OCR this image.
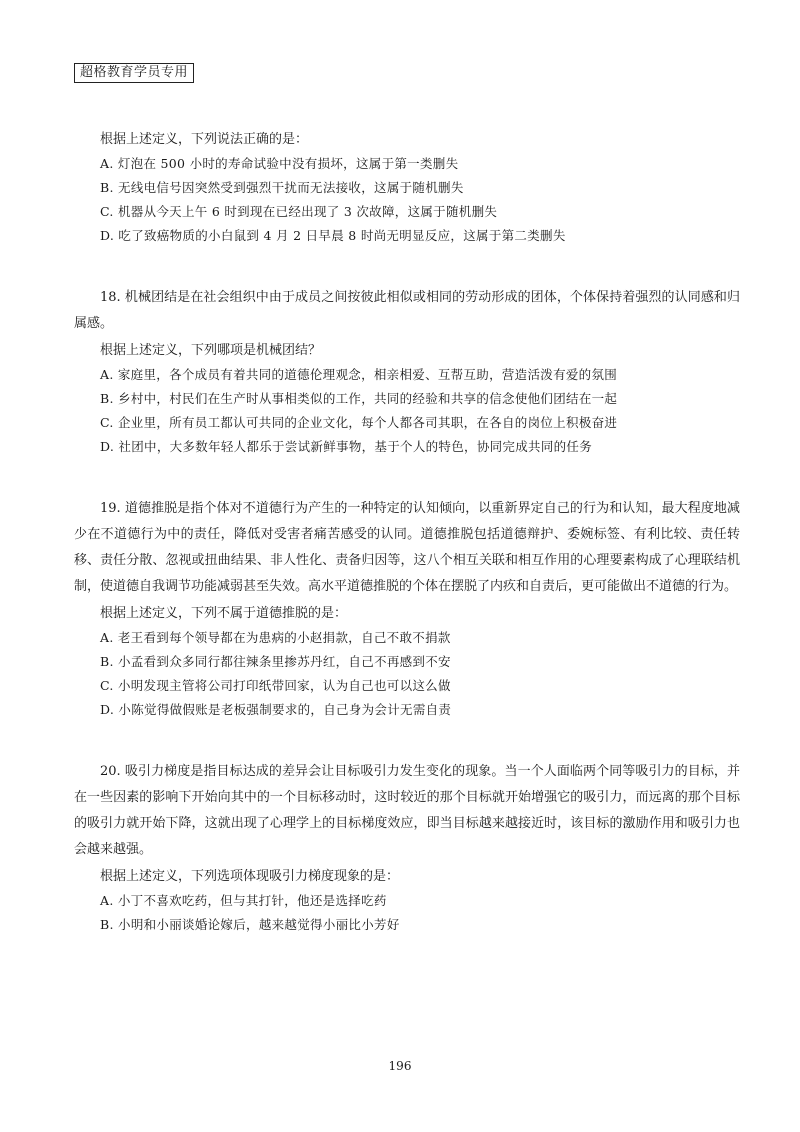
超格教育学员专用
根据上述定义，下列说法正确的是：
A. 灯泡在 500 小时的寿命试验中没有损坏，这属于第一类删失
B. 无线电信号因突然受到强烈干扰而无法接收，这属于随机删失
C. 机器从今天上午 6 时到现在已经出现了 3 次故障，这属于随机删失
D. 吃了致癌物质的小白鼠到 4 月 2 日早晨 8 时尚无明显反应，这属于第二类删失
18. 机械团结是在社会组织中由于成员之间按彼此相似或相同的劳动形成的团体，个体保持着强烈的认同感和归属感。
根据上述定义，下列哪项是机械团结？
A. 家庭里，各个成员有着共同的道德伦理观念，相亲相爱、互帮互助，营造活泼有爱的氛围
B. 乡村中，村民们在生产时从事相类似的工作，共同的经验和共享的信念使他们团结在一起
C. 企业里，所有员工都认可共同的企业文化，每个人都各司其职，在各自的岗位上积极奋进
D. 社团中，大多数年轻人都乐于尝试新鲜事物，基于个人的特色，协同完成共同的任务
19. 道德推脱是指个体对不道德行为产生的一种特定的认知倾向，以重新界定自己的行为和认知，最大程度地减少在不道德行为中的责任，降低对受害者痛苦感受的认同。道德推脱包括道德辩护、委婉标签、有利比较、责任转移、责任分散、忽视或扭曲结果、非人性化、责备归因等，这八个相互关联和相互作用的心理要素构成了心理联结机制，使道德自我调节功能减弱甚至失效。高水平道德推脱的个体在摆脱了内疚和自责后，更可能做出不道德的行为。
根据上述定义，下列不属于道德推脱的是：
A. 老王看到每个领导都在为患病的小赵捐款，自己不敢不捐款
B. 小孟看到众多同行都往辣条里掺苏丹红，自己不再感到不安
C. 小明发现主管将公司打印纸带回家，认为自己也可以这么做
D. 小陈觉得做假账是老板强制要求的，自己身为会计无需自责
20. 吸引力梯度是指目标达成的差异会让目标吸引力发生变化的现象。当一个人面临两个同等吸引力的目标，并在一些因素的影响下开始向其中的一个目标移动时，这时较近的那个目标就开始增强它的吸引力，而远离的那个目标的吸引力就开始下降，这就出现了心理学上的目标梯度效应，即当目标越来越接近时，该目标的激励作用和吸引力也会越来越强。
根据上述定义，下列选项体现吸引力梯度现象的是：
A. 小丁不喜欢吃药，但与其打针，他还是选择吃药
B. 小明和小丽谈婚论嫁后，越来越觉得小丽比小芳好
196
